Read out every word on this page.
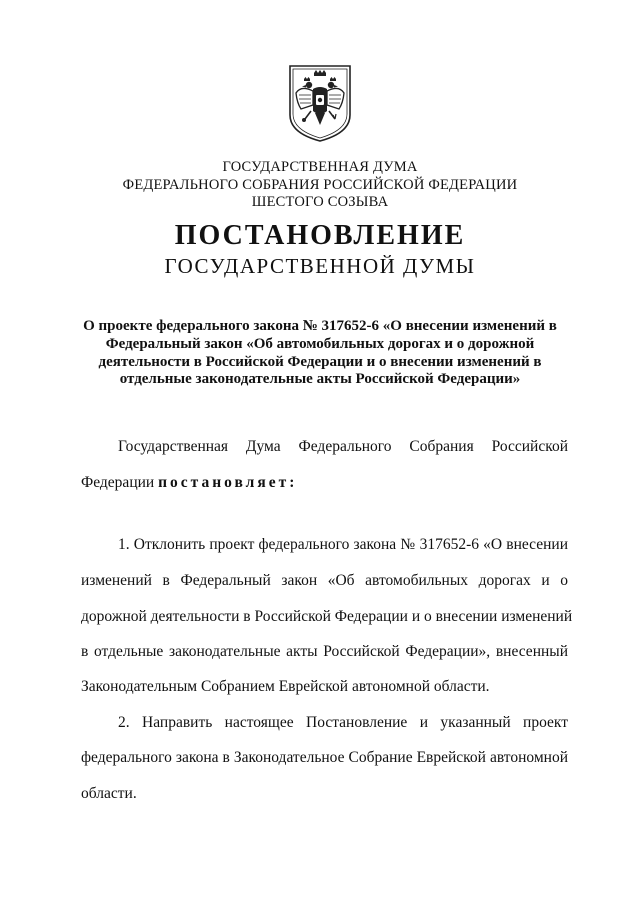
ГОСУДАРСТВЕННАЯ ДУМА
ФЕДЕРАЛЬНОГО СОБРАНИЯ РОССИЙСКОЙ ФЕДЕРАЦИИ
ШЕСТОГО СОЗЫВА
ПОСТАНОВЛЕНИЕ
ГОСУДАРСТВЕННОЙ ДУМЫ
О проекте федерального закона № 317652-6 «О внесении изменений в
Федеральный закон «Об автомобильных дорогах и о дорожной
деятельности в Российской Федерации и о внесении изменений в
отдельные законодательные акты Российской Федерации»
Государственная Дума Федерального Собрания Российской
Федерации постановляет:
1. Отклонить проект федерального закона № 317652-6 «О внесении
изменений в Федеральный закон «Об автомобильных дорогах и о
дорожной деятельности в Российской Федерации и о внесении изменений
в отдельные законодательные акты Российской Федерации», внесенный
Законодательным Собранием Еврейской автономной области.
2. Направить настоящее Постановление и указанный проект
федерального закона в Законодательное Собрание Еврейской автономной
области.
